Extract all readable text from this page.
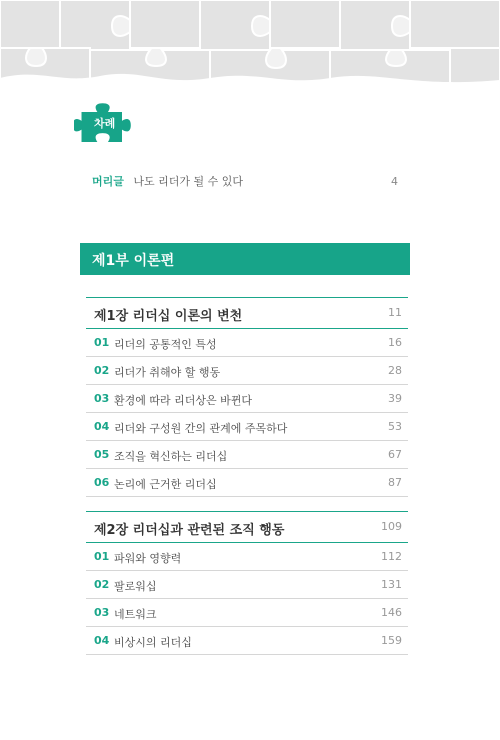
차례
머리글 나도 리더가 될 수 있다	4
제1부 이론편
제1장 리더십 이론의 변천	11
01 리더의 공통적인 특성	16
02 리더가 취해야 할 행동	28
03 환경에 따라 리더상은 바뀐다	39
04 리더와 구성원 간의 관계에 주목하다	53
05 조직을 혁신하는 리더십	67
06 논리에 근거한 리더십	87
제2장 리더십과 관련된 조직 행동	109
01 파워와 영향력	112
02 팔로워십	131
03 네트워크	146
04 비상시의 리더십	159
